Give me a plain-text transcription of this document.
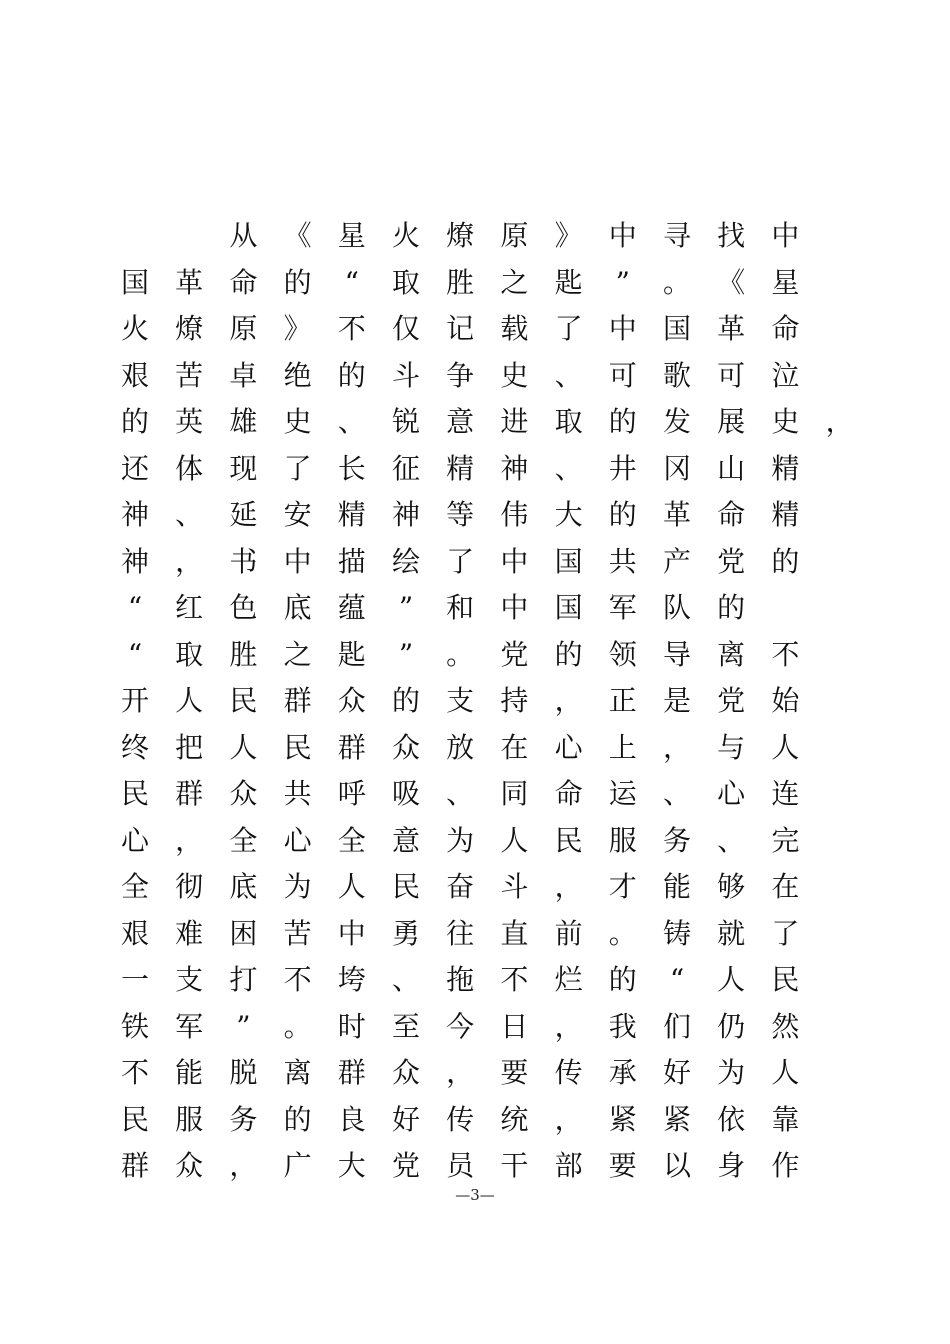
从 《 星 火 燎 原 》 中 寻 找 中
国 革 命 的 “ 取 胜 之 匙 ” 。 《 星
火 燎 原 》 不 仅 记 载 了 中 国 革 命
艰 苦 卓 绝 的 斗 争 史 、 可 歌 可 泣
的 英 雄 史 、 锐 意 进 取 的 发 展 史 ，
还 体 现 了 长 征 精 神 、 井 冈 山 精
神 、 延 安 精 神 等 伟 大 的 革 命 精
神 ， 书 中 描 绘 了 中 国 共 产 党 的
“ 红 色 底 蕴 ” 和 中 国 军 队 的
“ 取 胜 之 匙 ” 。 党 的 领 导 离 不
开 人 民 群 众 的 支 持 ， 正 是 党 始
终 把 人 民 群 众 放 在 心 上 ， 与 人
民 群 众 共 呼 吸 、 同 命 运 、 心 连
心 ， 全 心 全 意 为 人 民 服 务 、 完
全 彻 底 为 人 民 奋 斗 ， 才 能 够 在
艰 难 困 苦 中 勇 往 直 前 。 铸 就 了
一 支 打 不 垮 、 拖 不 烂 的 “ 人 民
铁 军 ” 。 时 至 今 日 ， 我 们 仍 然
不 能 脱 离 群 众 ， 要 传 承 好 为 人
民 服 务 的 良 好 传 统 ， 紧 紧 依 靠
群 众 ， 广 大 党 员 干 部 要 以 身 作
—3—
